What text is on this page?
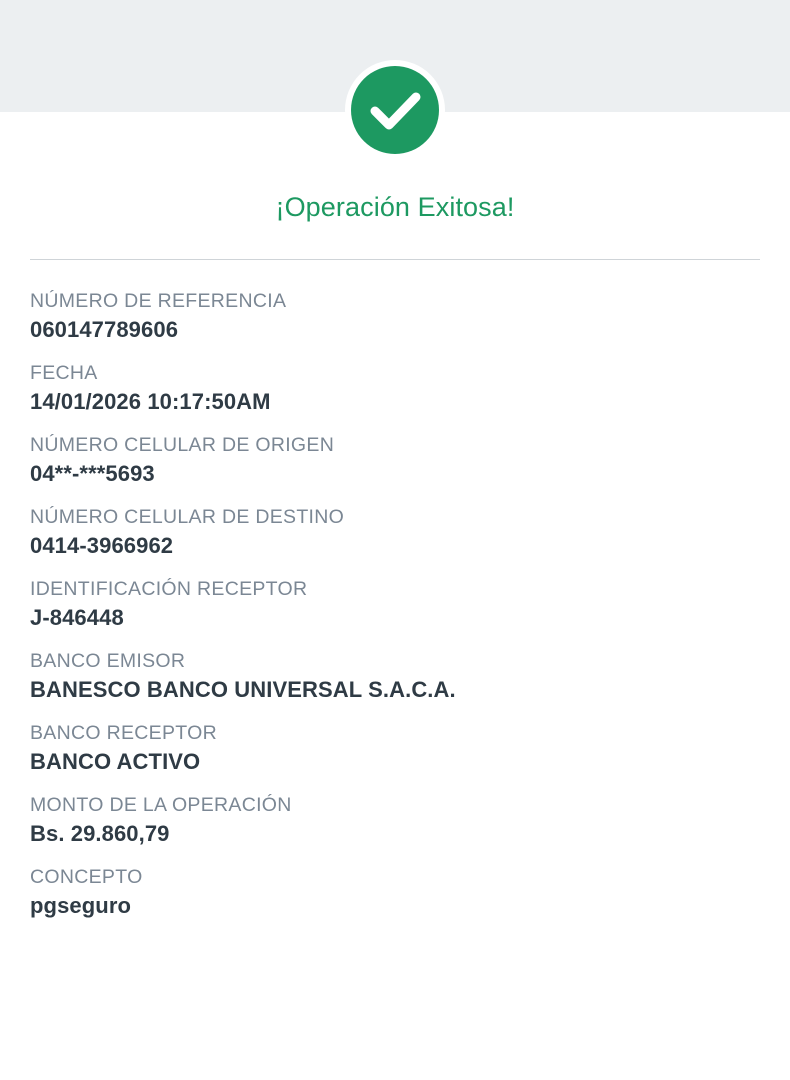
¡Operación Exitosa!
NÚMERO DE REFERENCIA
060147789606
FECHA
14/01/2026 10:17:50AM
NÚMERO CELULAR DE ORIGEN
04**-***5693
NÚMERO CELULAR DE DESTINO
0414-3966962
IDENTIFICACIÓN RECEPTOR
J-846448
BANCO EMISOR
BANESCO BANCO UNIVERSAL S.A.C.A.
BANCO RECEPTOR
BANCO ACTIVO
MONTO DE LA OPERACIÓN
Bs. 29.860,79
CONCEPTO
pgseguro
